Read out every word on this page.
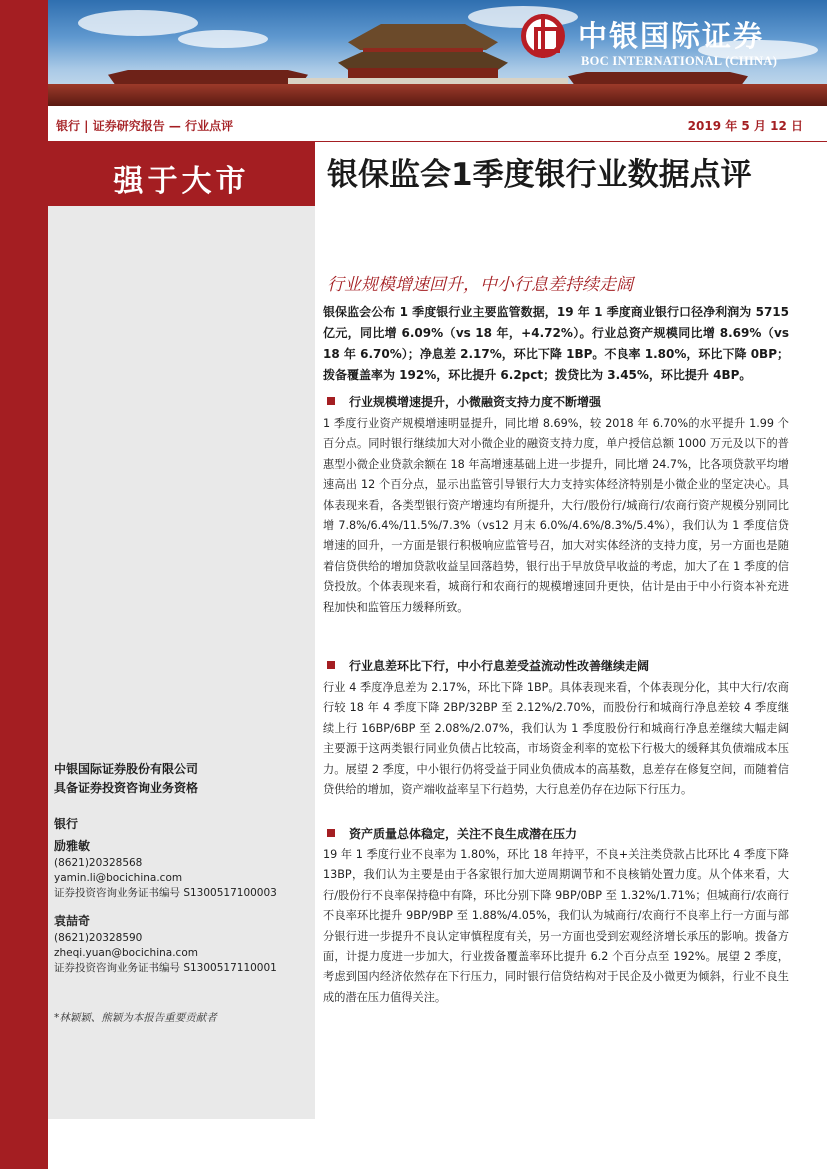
中银国际证券
BOC INTERNATIONAL (CHINA)
银行 | 证券研究报告 — 行业点评	2019 年 5 月 12 日
强于大市
中银国际证券股份有限公司
具备证券投资咨询业务资格
银行
励雅敏
(8621)20328568
yamin.li@bocichina.com
证券投资咨询业务证书编号 S1300517100003
袁喆奇
(8621)20328590
zheqi.yuan@bocichina.com
证券投资咨询业务证书编号 S1300517110001
*林颖颖、熊颖为本报告重要贡献者
银保监会1季度银行业数据点评
行业规模增速回升，中小行息差持续走阔
银保监会公布 1 季度银行业主要监管数据，19 年 1 季度商业银行口径净利润为 5715 亿元，同比增 6.09%（vs 18 年，+4.72%）。行业总资产规模同比增 8.69%（vs 18 年 6.70%）；净息差 2.17%，环比下降 1BP。不良率 1.80%，环比下降 0BP；拨备覆盖率为 192%，环比提升 6.2pct；拨贷比为 3.45%，环比提升 4BP。
行业规模增速提升，小微融资支持力度不断增强
1 季度行业资产规模增速明显提升，同比增 8.69%，较 2018 年 6.70%的水平提升 1.99 个百分点。同时银行继续加大对小微企业的融资支持力度，单户授信总额 1000 万元及以下的普惠型小微企业贷款余额在 18 年高增速基础上进一步提升，同比增 24.7%，比各项贷款平均增速高出 12 个百分点，显示出监管引导银行大力支持实体经济特别是小微企业的坚定决心。具体表现来看，各类型银行资产增速均有所提升，大行/股份行/城商行/农商行资产规模分别同比增 7.8%/6.4%/11.5%/7.3%（vs12 月末 6.0%/4.6%/8.3%/5.4%），我们认为 1 季度信贷增速的回升，一方面是银行积极响应监管号召，加大对实体经济的支持力度，另一方面也是随着信贷供给的增加贷款收益呈回落趋势，银行出于早放贷早收益的考虑，加大了在 1 季度的信贷投放。个体表现来看，城商行和农商行的规模增速回升更快，估计是由于中小行资本补充进程加快和监管压力缓释所致。
行业息差环比下行，中小行息差受益流动性改善继续走阔
行业 4 季度净息差为 2.17%，环比下降 1BP。具体表现来看，个体表现分化，其中大行/农商行较 18 年 4 季度下降 2BP/32BP 至 2.12%/2.70%，而股份行和城商行净息差较 4 季度继续上行 16BP/6BP 至 2.08%/2.07%，我们认为 1 季度股份行和城商行净息差继续大幅走阔主要源于这两类银行同业负债占比较高，市场资金利率的宽松下行极大的缓释其负债端成本压力。展望 2 季度，中小银行仍将受益于同业负债成本的高基数，息差存在修复空间，而随着信贷供给的增加，资产端收益率呈下行趋势，大行息差仍存在边际下行压力。
资产质量总体稳定，关注不良生成潜在压力
19 年 1 季度行业不良率为 1.80%，环比 18 年持平，不良+关注类贷款占比环比 4 季度下降 13BP，我们认为主要是由于各家银行加大逆周期调节和不良核销处置力度。从个体来看，大行/股份行不良率保持稳中有降，环比分别下降 9BP/0BP 至 1.32%/1.71%；但城商行/农商行不良率环比提升 9BP/9BP 至 1.88%/4.05%，我们认为城商行/农商行不良率上行一方面与部分银行进一步提升不良认定审慎程度有关，另一方面也受到宏观经济增长承压的影响。拨备方面，计提力度进一步加大，行业拨备覆盖率环比提升 6.2 个百分点至 192%。展望 2 季度，考虑到国内经济依然存在下行压力，同时银行信贷结构对于民企及小微更为倾斜，行业不良生成的潜在压力值得关注。
